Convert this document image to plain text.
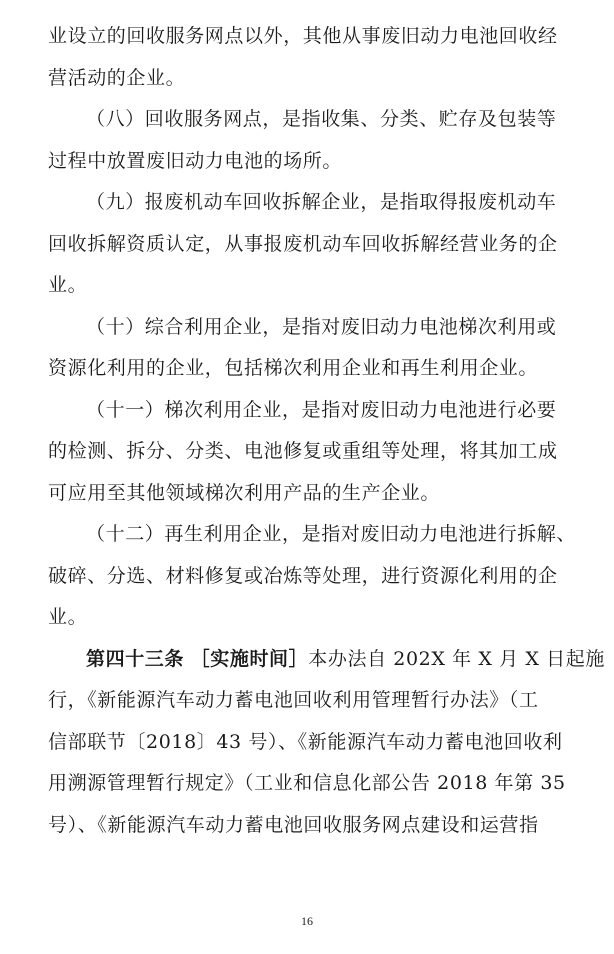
业设立的回收服务网点以外，其他从事废旧动力电池回收经
营活动的企业。
（八）回收服务网点，是指收集、分类、贮存及包装等
过程中放置废旧动力电池的场所。
（九）报废机动车回收拆解企业，是指取得报废机动车
回收拆解资质认定，从事报废机动车回收拆解经营业务的企
业。
（十）综合利用企业，是指对废旧动力电池梯次利用或
资源化利用的企业，包括梯次利用企业和再生利用企业。
（十一）梯次利用企业，是指对废旧动力电池进行必要
的检测、拆分、分类、电池修复或重组等处理，将其加工成
可应用至其他领域梯次利用产品的生产企业。
（十二）再生利用企业，是指对废旧动力电池进行拆解、
破碎、分选、材料修复或冶炼等处理，进行资源化利用的企
业。
第四十三条 ［实施时间］本办法自 202X 年 X 月 X 日起施
行，《新能源汽车动力蓄电池回收利用管理暂行办法》（工
信部联节〔2018〕43 号）、《新能源汽车动力蓄电池回收利
用溯源管理暂行规定》（工业和信息化部公告 2018 年第 35
号）、《新能源汽车动力蓄电池回收服务网点建设和运营指
16
